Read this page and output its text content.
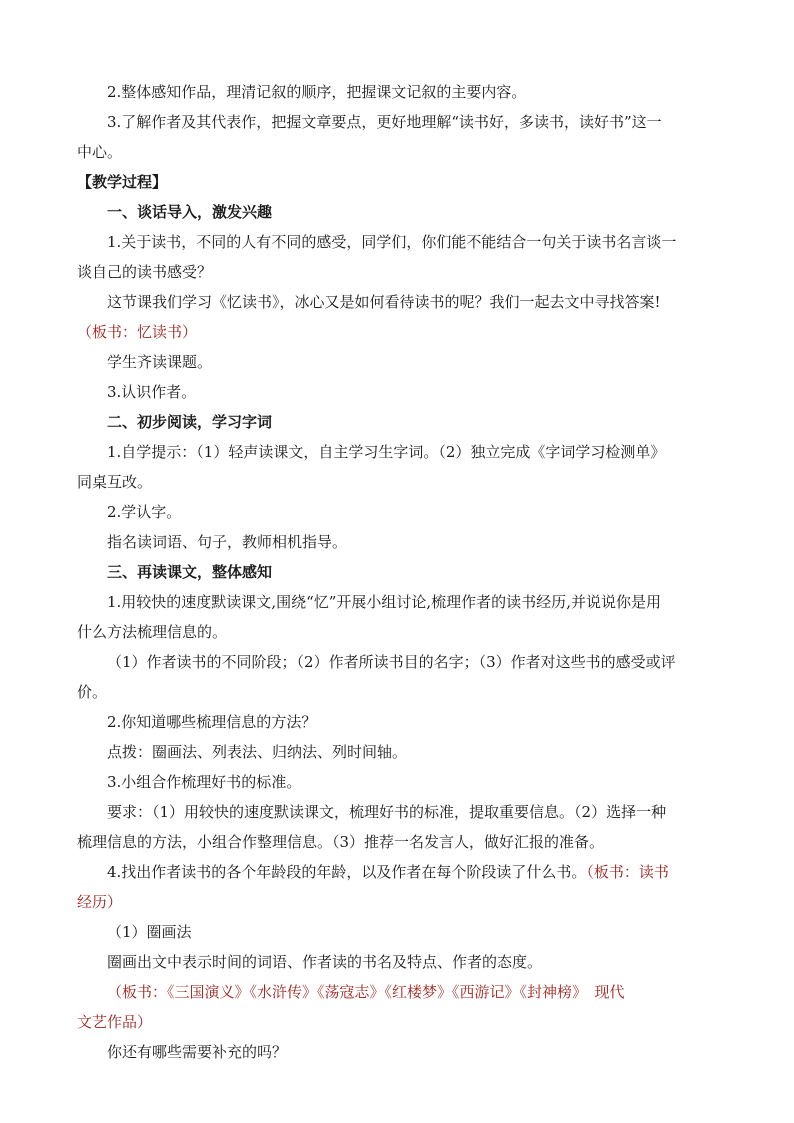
2.整体感知作品，理清记叙的顺序，把握课文记叙的主要内容。
3.了解作者及其代表作，把握文章要点，更好地理解“读书好，多读书，读好书”这一
中心。
【教学过程】
一、谈话导入，激发兴趣
1.关于读书，不同的人有不同的感受，同学们，你们能不能结合一句关于读书名言谈一
谈自己的读书感受？
这节课我们学习《忆读书》，冰心又是如何看待读书的呢？我们一起去文中寻找答案!
（板书：忆读书）
学生齐读课题。
3.认识作者。
二、初步阅读，学习字词
1.自学提示：（1）轻声读课文，自主学习生字词。（2）独立完成《字词学习检测单》
同桌互改。
2.学认字。
指名读词语、句子，教师相机指导。
三、再读课文，整体感知
1.用较快的速度默读课文,围绕“忆”开展小组讨论,梳理作者的读书经历,并说说你是用
什么方法梳理信息的。
（1）作者读书的不同阶段；（2）作者所读书目的名字；（3）作者对这些书的感受或评
价。
2.你知道哪些梳理信息的方法？
点拨：圈画法、列表法、归纳法、列时间轴。
3.小组合作梳理好书的标准。
要求：（1）用较快的速度默读课文，梳理好书的标准，提取重要信息。（2）选择一种
梳理信息的方法，小组合作整理信息。（3）推荐一名发言人，做好汇报的准备。
4.找出作者读书的各个年龄段的年龄，以及作者在每个阶段读了什么书。（板书：读书
经历）
（1）圈画法
圈画出文中表示时间的词语、作者读的书名及特点、作者的态度。
（板书：《三国演义》《水浒传》《荡寇志》《红楼梦》《西游记》《封神榜》　现代
文艺作品）
你还有哪些需要补充的吗？
